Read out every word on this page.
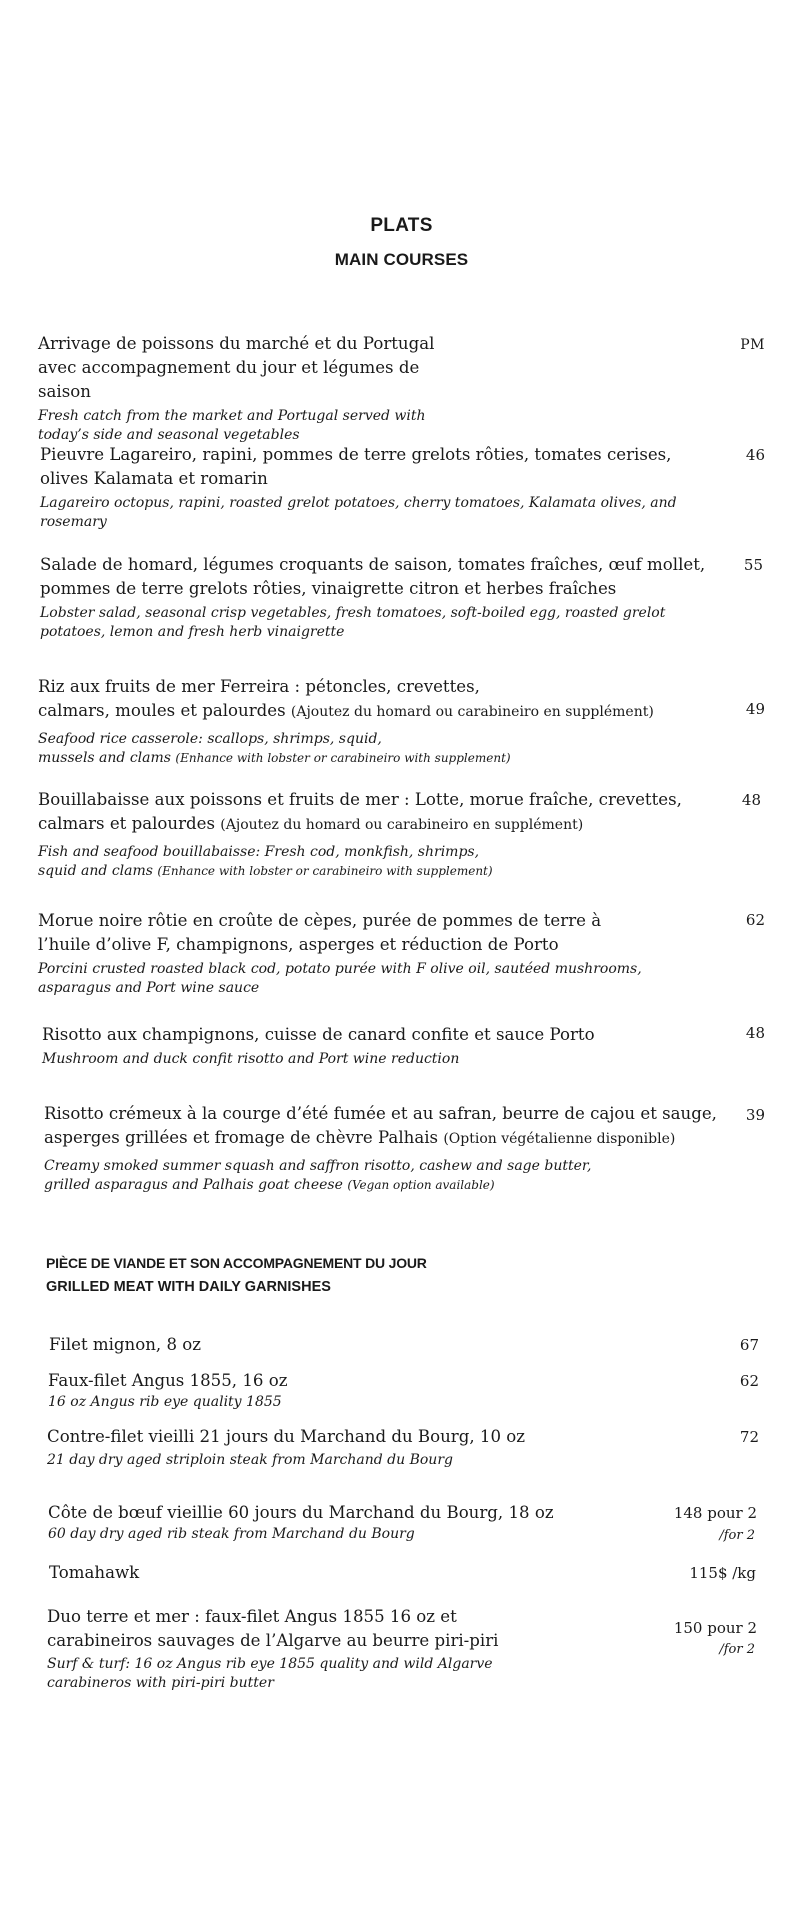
PLATS
MAIN COURSES

Arrivage de poissons du marché et du Portugal avec accompagnement du jour et légumes de saison

Fresh catch from the market and Portugal served with today’s side and seasonal vegetables

PM

Pieuvre Lagareiro, rapini, pommes de terre grelots rôties, tomates cerises, olives Kalamata et romarin

Lagareiro octopus, rapini, roasted grelot potatoes, cherry tomatoes, Kalamata olives, and rosemary

46

Salade de homard, légumes croquants de saison, tomates fraîches, œuf mollet, pommes de terre grelots rôties, vinaigrette citron et herbes fraîches

Lobster salad, seasonal crisp vegetables, fresh tomatoes, soft-boiled egg, roasted grelot potatoes, lemon and fresh herb vinaigrette

55

Riz aux fruits de mer Ferreira : pétoncles, crevettes,
calmars, moules et palourdes (Ajoutez du homard ou carabineiro en supplément)

Seafood rice casserole: scallops, shrimps, squid,
mussels and clams (Enhance with lobster or carabineiro with supplement)

49

Bouillabaisse aux poissons et fruits de mer : Lotte, morue fraîche, crevettes,
calmars et palourdes (Ajoutez du homard ou carabineiro en supplément)

Fish and seafood bouillabaisse: Fresh cod, monkfish, shrimps,
squid and clams (Enhance with lobster or carabineiro with supplement)

48

Morue noire rôtie en croûte de cèpes, purée de pommes de terre à l’huile d’olive F, champignons, asperges et réduction de Porto

Porcini crusted roasted black cod, potato purée with F olive oil, sautéed mushrooms, asparagus and Port wine sauce

62

Risotto aux champignons, cuisse de canard confite et sauce Porto

Mushroom and duck confit risotto and Port wine reduction

48

Risotto crémeux à la courge d’été fumée et au safran, beurre de cajou et sauge,
asperges grillées et fromage de chèvre Palhais (Option végétalienne disponible)

Creamy smoked summer squash and saffron risotto, cashew and sage butter,
grilled asparagus and Palhais goat cheese (Vegan option available)

39
PIÈCE DE VIANDE ET SON ACCOMPAGNEMENT DU JOUR
GRILLED MEAT WITH DAILY GARNISHES

Filet mignon, 8 oz	67

Faux-filet Angus 1855, 16 oz

16 oz Angus rib eye quality 1855

62

Contre-filet vieilli 21 jours du Marchand du Bourg, 10 oz

21 day dry aged striploin steak from Marchand du Bourg

72

Côte de bœuf vieillie 60 jours du Marchand du Bourg, 18 oz

60 day dry aged rib steak from Marchand du Bourg

148 pour 2
/for 2

Tomahawk	115$ /kg

Duo terre et mer : faux-filet Angus 1855 16 oz et
carabineiros sauvages de l’Algarve au beurre piri-piri

Surf & turf: 16 oz Angus rib eye 1855 quality and wild Algarve
carabineros with piri-piri butter

150 pour 2
/for 2
